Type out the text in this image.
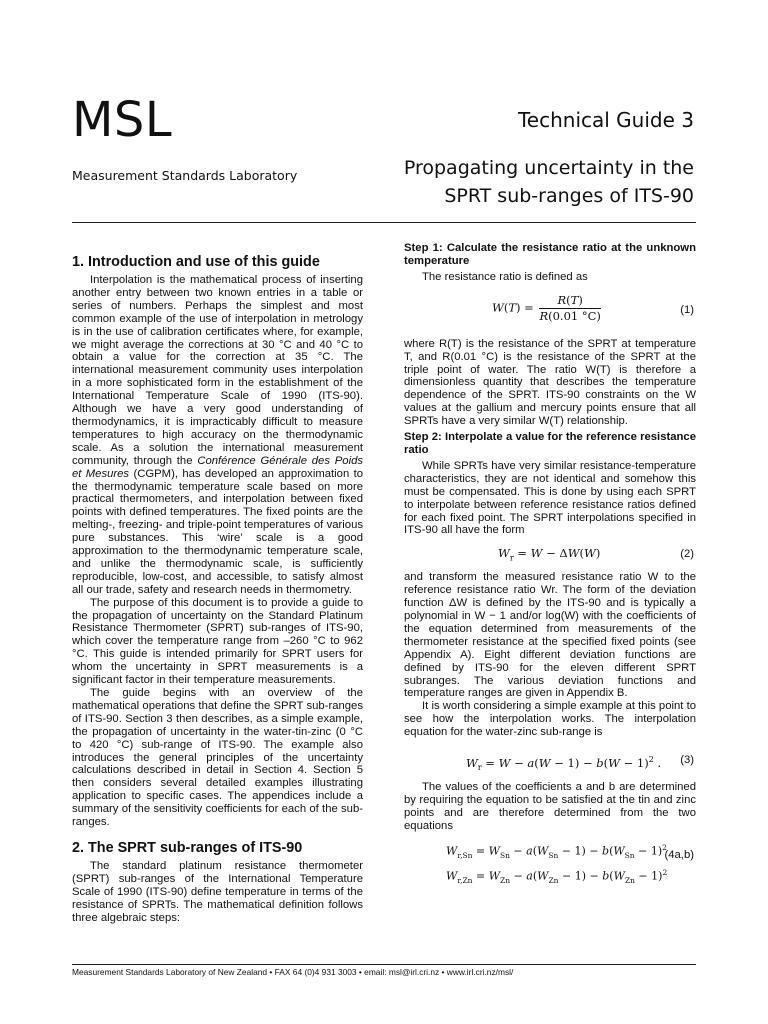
MSL
Measurement Standards Laboratory
Technical Guide 3
Propagating uncertainty in the
SPRT sub-ranges of ITS-90
1. Introduction and use of this guide

Interpolation is the mathematical process of inserting another entry between two known entries in a table or series of numbers. Perhaps the simplest and most common example of the use of interpolation in metrology is in the use of calibration certificates where, for example, we might average the corrections at 30 °C and 40 °C to obtain a value for the correction at 35 °C. The international measurement community uses interpolation in a more sophisticated form in the establishment of the International Temperature Scale of 1990 (ITS-90). Although we have a very good understanding of thermodynamics, it is impracticably difficult to measure temperatures to high accuracy on the thermodynamic scale. As a solution the international measurement community, through the Conférence Générale des Poids et Mesures (CGPM), has developed an approximation to the thermodynamic temperature scale based on more practical thermometers, and interpolation between fixed points with defined temperatures. The fixed points are the melting-, freezing- and triple-point temperatures of various pure substances. This ‘wire’ scale is a good approximation to the thermodynamic temperature scale, and unlike the thermodynamic scale, is sufficiently reproducible, low-cost, and accessible, to satisfy almost all our trade, safety and research needs in thermometry.

The purpose of this document is to provide a guide to the propagation of uncertainty on the Standard Platinum Resistance Thermometer (SPRT) sub-ranges of ITS-90, which cover the temperature range from –260 °C to 962 °C. This guide is intended primarily for SPRT users for whom the uncertainty in SPRT measurements is a significant factor in their temperature measurements.

The guide begins with an overview of the mathematical operations that define the SPRT sub-ranges of ITS-90. Section 3 then describes, as a simple example, the propagation of uncertainty in the water-tin-zinc (0 °C to 420 °C) sub-range of ITS-90. The example also introduces the general principles of the uncertainty calculations described in detail in Section 4. Section 5 then considers several detailed examples illustrating application to specific cases. The appendices include a summary of the sensitivity coefficients for each of the sub-ranges.

2. The SPRT sub-ranges of ITS-90

The standard platinum resistance thermometer (SPRT) sub-ranges of the International Temperature Scale of 1990 (ITS-90) define temperature in terms of the resistance of SPRTs. The mathematical definition follows three algebraic steps:

Step 1: Calculate the resistance ratio at the unknown temperature

The resistance ratio is defined as

$W(T) = \frac{R(T)}{R(0.01 ^\circ C)}$	(1)

where R(T) is the resistance of the SPRT at temperature T, and R(0.01 °C) is the resistance of the SPRT at the triple point of water. The ratio W(T) is therefore a dimensionless quantity that describes the temperature dependence of the SPRT. ITS-90 constraints on the W values at the gallium and mercury points ensure that all SPRTs have a very similar W(T) relationship.

Step 2: Interpolate a value for the reference resistance ratio

While SPRTs have very similar resistance-temperature characteristics, they are not identical and somehow this must be compensated. This is done by using each SPRT to interpolate between reference resistance ratios defined for each fixed point. The SPRT interpolations specified in ITS-90 all have the form

$W_r = W - \Delta W(W)$	(2)

and transform the measured resistance ratio W to the reference resistance ratio Wr. The form of the deviation function ΔW is defined by the ITS-90 and is typically a polynomial in W − 1 and/or log(W) with the coefficients of the equation determined from measurements of the thermometer resistance at the specified fixed points (see Appendix A). Eight different deviation functions are defined by ITS-90 for the eleven different SPRT subranges. The various deviation functions and temperature ranges are given in Appendix B.

It is worth considering a simple example at this point to see how the interpolation works. The interpolation equation for the water-zinc sub-range is

$W_r = W - a(W - 1) - b(W - 1)^2$ . (3)

The values of the coefficients a and b are determined by requiring the equation to be satisfied at the tin and zinc points and are therefore determined from the two equations

$W_{r,Sn} = W_{Sn} - a(W_{Sn} - 1) - b(W_{Sn} - 1)^2$
$W_{r,Zn} = W_{Zn} - a(W_{Zn} - 1) - b(W_{Zn} - 1)^2$
(4a,b)
Measurement Standards Laboratory of New Zealand • FAX 64 (0)4 931 3003 • email: msl@irl.cri.nz • www.irl.cri.nz/msl/
